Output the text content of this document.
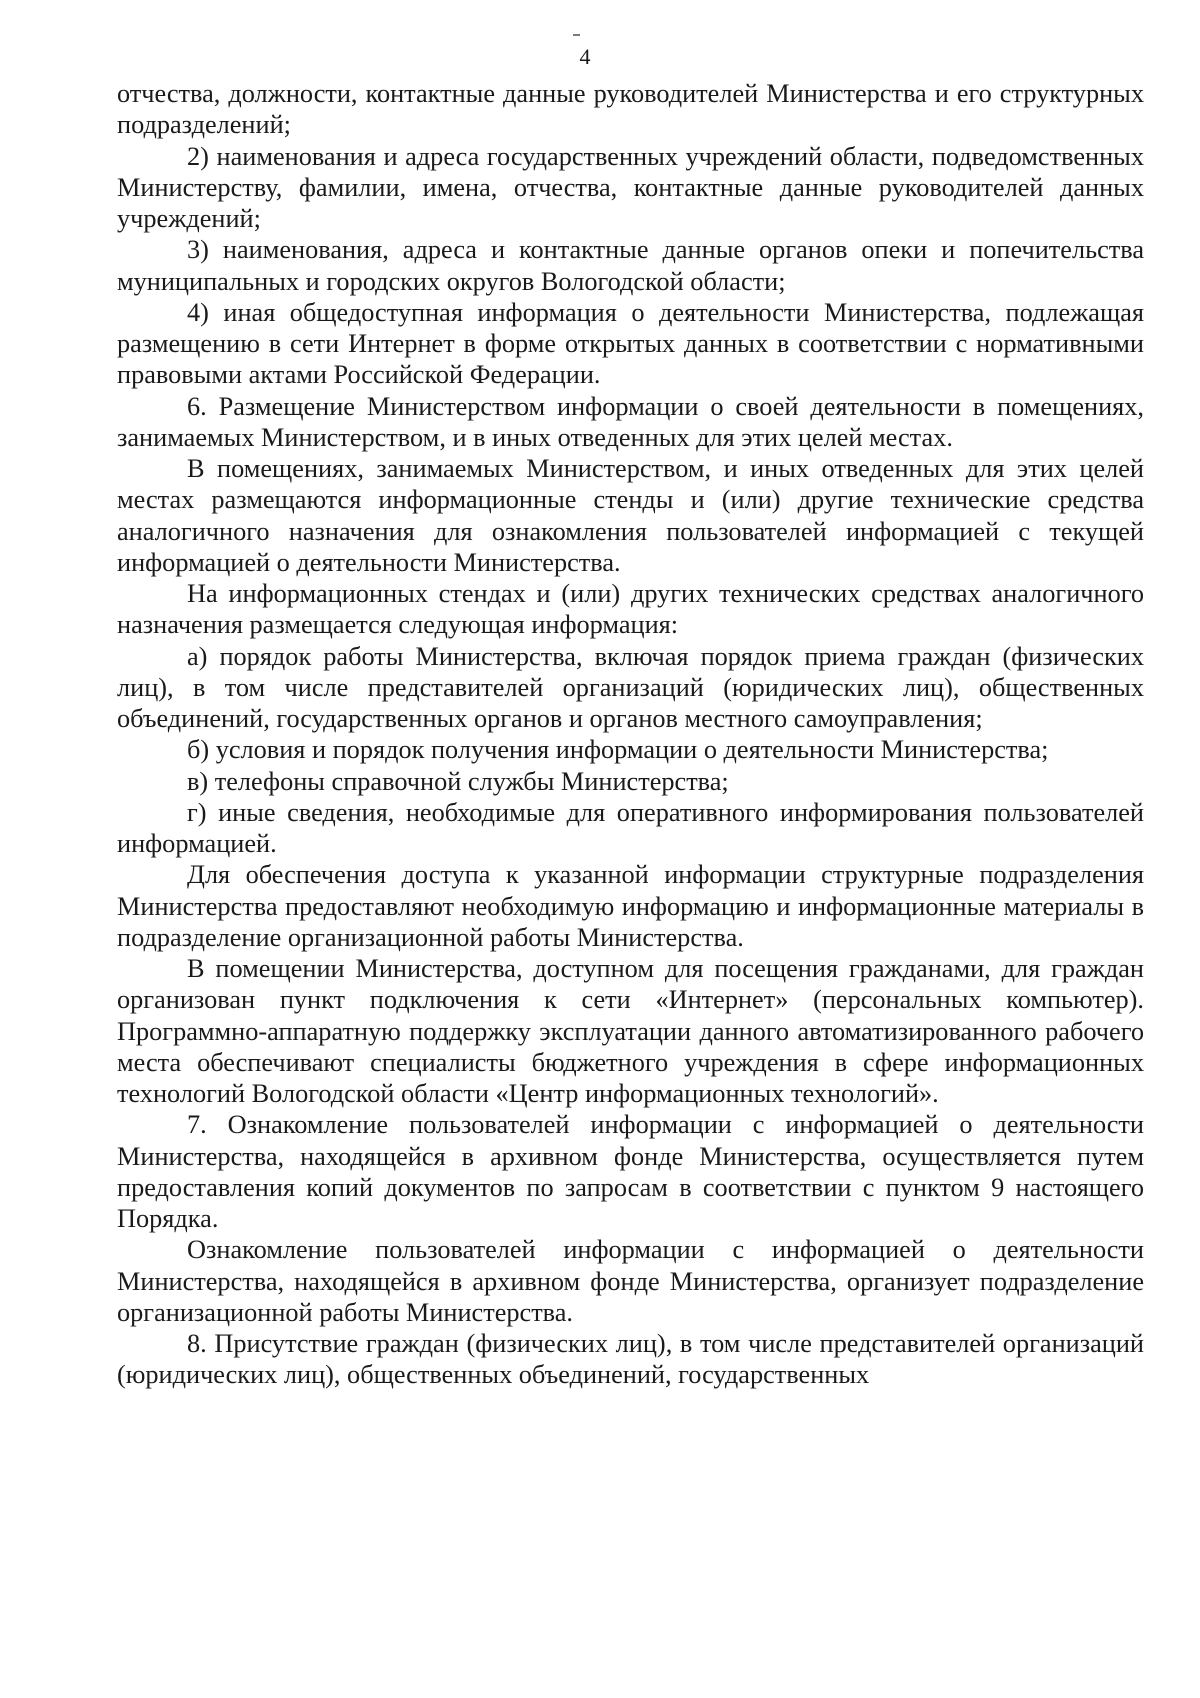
4

отчества, должности, контактные данные руководителей Министерства и его структурных подразделений;

2) наименования и адреса государственных учреждений области, подведомственных Министерству, фамилии, имена, отчества, контактные данные руководителей данных учреждений;

3) наименования, адреса и контактные данные органов опеки и попечительства муниципальных и городских округов Вологодской области;

4) иная общедоступная информация о деятельности Министерства, подлежащая размещению в сети Интернет в форме открытых данных в соответствии с нормативными правовыми актами Российской Федерации.

6. Размещение Министерством информации о своей деятельности в помещениях, занимаемых Министерством, и в иных отведенных для этих целей местах.

В помещениях, занимаемых Министерством, и иных отведенных для этих целей местах размещаются информационные стенды и (или) другие технические средства аналогичного назначения для ознакомления пользователей информацией с текущей информацией о деятельности Министерства.

На информационных стендах и (или) других технических средствах аналогичного назначения размещается следующая информация:

а) порядок работы Министерства, включая порядок приема граждан (физических лиц), в том числе представителей организаций (юридических лиц), общественных объединений, государственных органов и органов местного самоуправления;

б) условия и порядок получения информации о деятельности Министерства;

в) телефоны справочной службы Министерства;

г) иные сведения, необходимые для оперативного информирования пользователей информацией.

Для обеспечения доступа к указанной информации структурные подразделения Министерства предоставляют необходимую информацию и информационные материалы в подразделение организационной работы Министерства.

В помещении Министерства, доступном для посещения гражданами, для граждан организован пункт подключения к сети «Интернет» (персональных компьютер). Программно-аппаратную поддержку эксплуатации данного автоматизированного рабочего места обеспечивают специалисты бюджетного учреждения в сфере информационных технологий Вологодской области «Центр информационных технологий».

7. Ознакомление пользователей информации с информацией о деятельности Министерства, находящейся в архивном фонде Министерства, осуществляется путем предоставления копий документов по запросам в соответствии с пунктом 9 настоящего Порядка.

Ознакомление пользователей информации с информацией о деятельности Министерства, находящейся в архивном фонде Министерства, организует подразделение организационной работы Министерства.

8. Присутствие граждан (физических лиц), в том числе представителей организаций (юридических лиц), общественных объединений, государственных
